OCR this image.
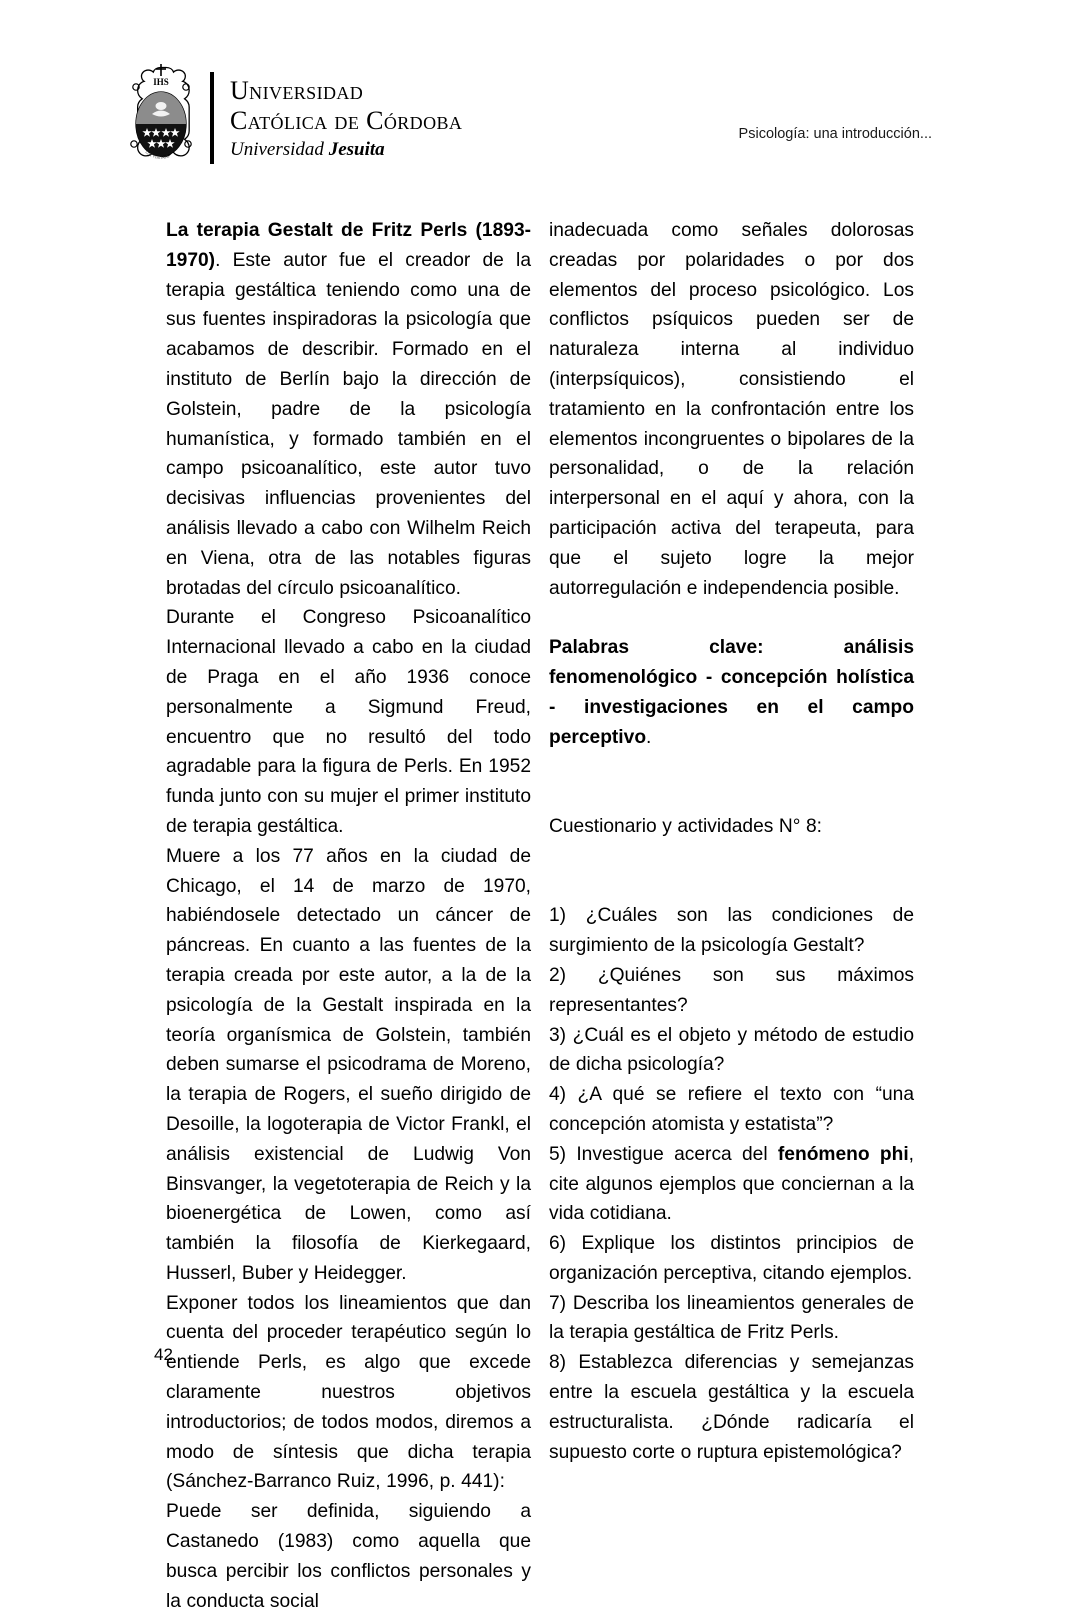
IHS
LUX VERITATIS
Universidad
Católica de Córdoba
Universidad Jesuita
Psicología: una introducción...

La terapia Gestalt de Fritz Perls (1893-1970). Este autor fue el creador de la terapia gestáltica teniendo como una de sus fuentes inspiradoras la psicología que acabamos de describir. Formado en el instituto de Berlín bajo la dirección de Golstein, padre de la psicología humanística, y formado también en el campo psicoanalítico, este autor tuvo decisivas influencias provenientes del análisis llevado a cabo con Wilhelm Reich en Viena, otra de las notables figuras brotadas del círculo psicoanalítico.

Durante el Congreso Psicoanalítico Internacional llevado a cabo en la ciudad de Praga en el año 1936 conoce personalmente a Sigmund Freud, encuentro que no resultó del todo agradable para la figura de Perls. En 1952 funda junto con su mujer el primer instituto de terapia gestáltica.

Muere a los 77 años en la ciudad de Chicago, el 14 de marzo de 1970, habiéndosele detectado un cáncer de páncreas. En cuanto a las fuentes de la terapia creada por este autor, a la de la psicología de la Gestalt inspirada en la teoría organísmica de Golstein, también deben sumarse el psicodrama de Moreno, la terapia de Rogers, el sueño dirigido de Desoille, la logoterapia de Victor Frankl, el análisis existencial de Ludwig Von Binsvanger, la vegetoterapia de Reich y la bioenergética de Lowen, como así también la filosofía de Kierkegaard, Husserl, Buber y Heidegger.

Exponer todos los lineamientos que dan cuenta del proceder terapéutico según lo entiende Perls, es algo que excede claramente nuestros objetivos introductorios; de todos modos, diremos a modo de síntesis que dicha terapia (Sánchez-Barranco Ruiz, 1996, p. 441):

Puede ser definida, siguiendo a Castanedo (1983) como aquella que busca percibir los conflictos personales y la conducta social

inadecuada como señales dolorosas creadas por polaridades o por dos elementos del proceso psicológico. Los conflictos psíquicos pueden ser de naturaleza interna al individuo (interpsíquicos), consistiendo el tratamiento en la confrontación entre los elementos incongruentes o bipolares de la personalidad, o de la relación interpersonal en el aquí y ahora, con la participación activa del terapeuta, para que el sujeto logre la mejor autorregulación e independencia posible.

Palabras clave: análisis fenomenológico - concepción holística - investigaciones en el campo perceptivo.

Cuestionario y actividades N° 8:

1) ¿Cuáles son las condiciones de surgimiento de la psicología Gestalt?

2) ¿Quiénes son sus máximos representantes?

3) ¿Cuál es el objeto y método de estudio de dicha psicología?

4) ¿A qué se refiere el texto con “una concepción atomista y estatista”?

5) Investigue acerca del fenómeno phi, cite algunos ejemplos que conciernan a la vida cotidiana.

6) Explique los distintos principios de organización perceptiva, citando ejemplos.

7) Describa los lineamientos generales de la terapia gestáltica de Fritz Perls.

8) Establezca diferencias y semejanzas entre la escuela gestáltica y la escuela estructuralista. ¿Dónde radicaría el supuesto corte o ruptura epistemológica?

42
